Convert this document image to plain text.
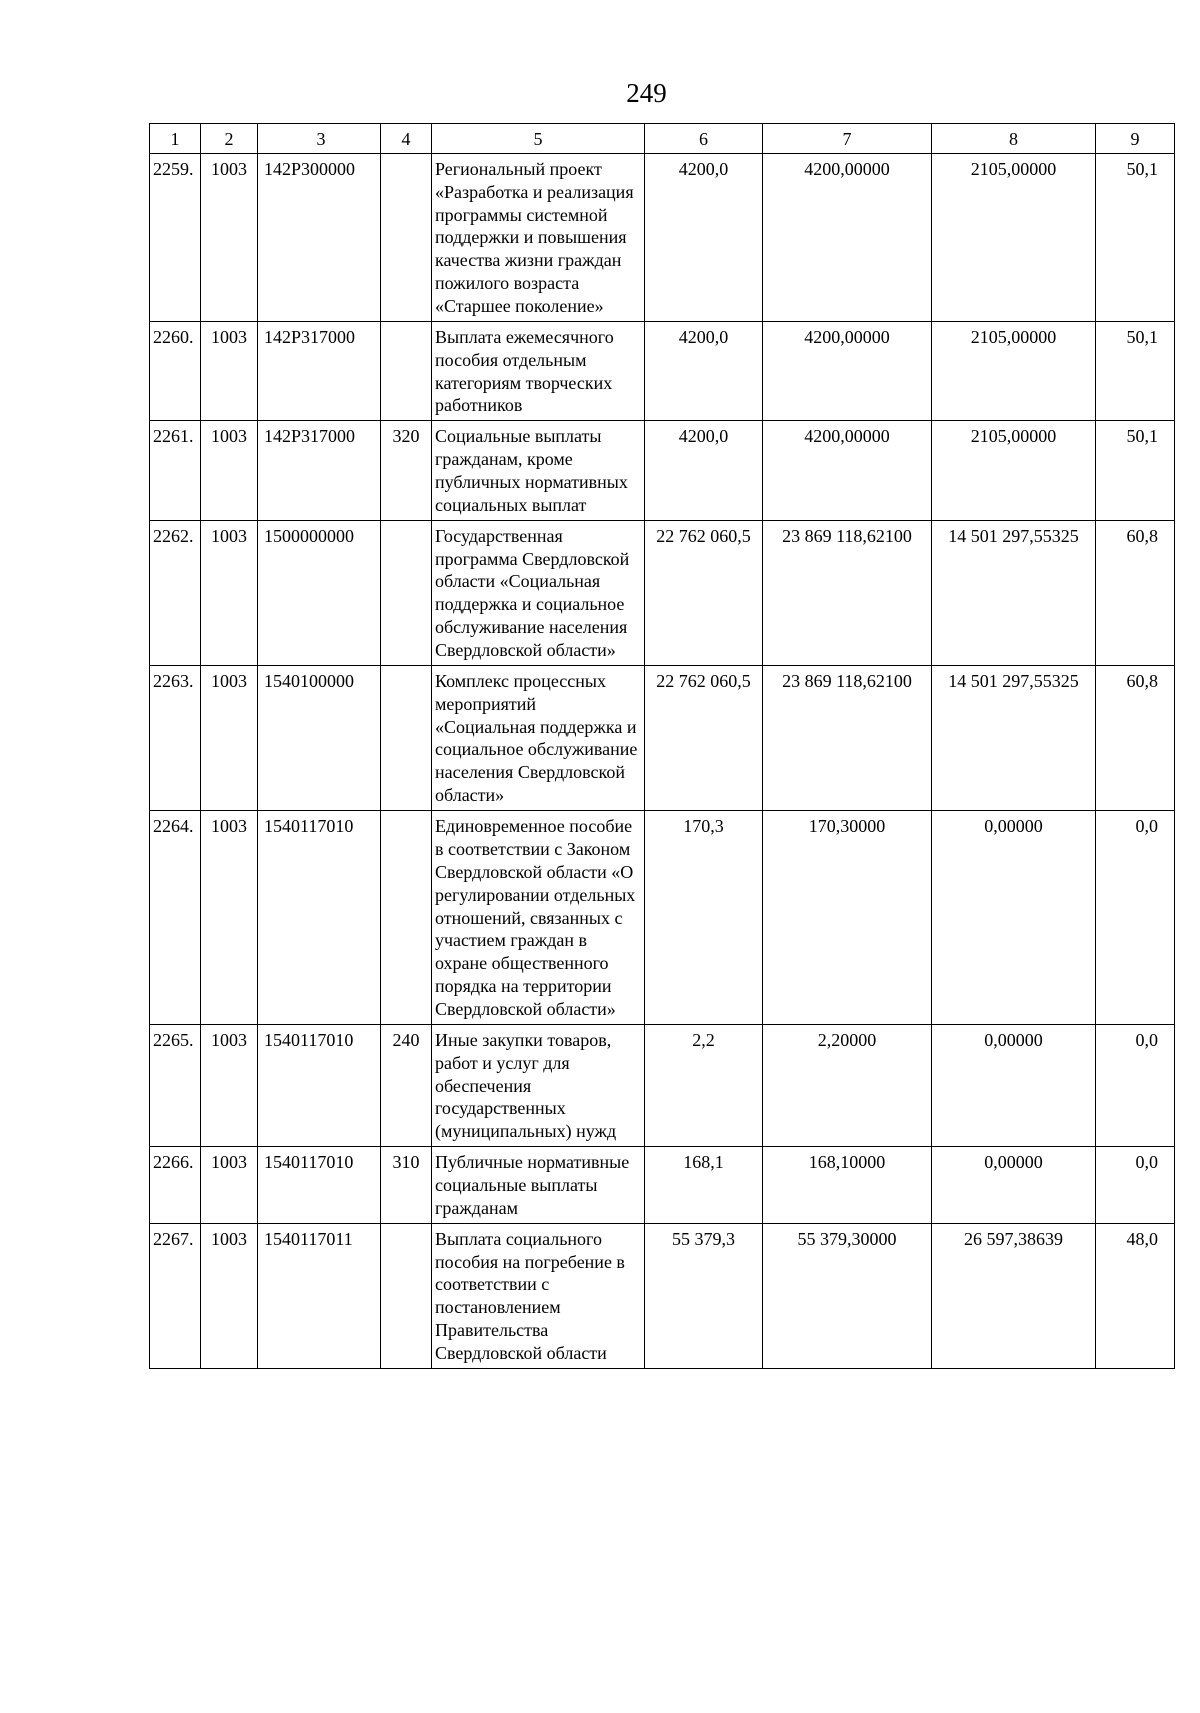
249
1	2	3	4	5	6	7	8	9
2259.	1003	142P300000		Региональный проект «Разработка и реализация программы системной поддержки и повышения качества жизни граждан пожилого возраста «Старшее поколение»	4200,0	4200,00000	2105,00000	50,1
2260.	1003	142P317000		Выплата ежемесячного пособия отдельным категориям творческих работников	4200,0	4200,00000	2105,00000	50,1
2261.	1003	142P317000	320	Социальные выплаты гражданам, кроме публичных нормативных социальных выплат	4200,0	4200,00000	2105,00000	50,1
2262.	1003	1500000000		Государственная программа Свердловской области «Социальная поддержка и социальное обслуживание населения Свердловской области»	22 762 060,5	23 869 118,62100	14 501 297,55325	60,8
2263.	1003	1540100000		Комплекс процессных мероприятий «Социальная поддержка и социальное обслуживание населения Свердловской области»	22 762 060,5	23 869 118,62100	14 501 297,55325	60,8
2264.	1003	1540117010		Единовременное пособие в соответствии с Законом Свердловской области «О регулировании отдельных отношений, связанных с участием граждан в охране общественного порядка на территории Свердловской области»	170,3	170,30000	0,00000	0,0
2265.	1003	1540117010	240	Иные закупки товаров, работ и услуг для обеспечения государственных (муниципальных) нужд	2,2	2,20000	0,00000	0,0
2266.	1003	1540117010	310	Публичные нормативные социальные выплаты гражданам	168,1	168,10000	0,00000	0,0
2267.	1003	1540117011		Выплата социального пособия на погребение в соответствии с постановлением Правительства Свердловской области	55 379,3	55 379,30000	26 597,38639	48,0
